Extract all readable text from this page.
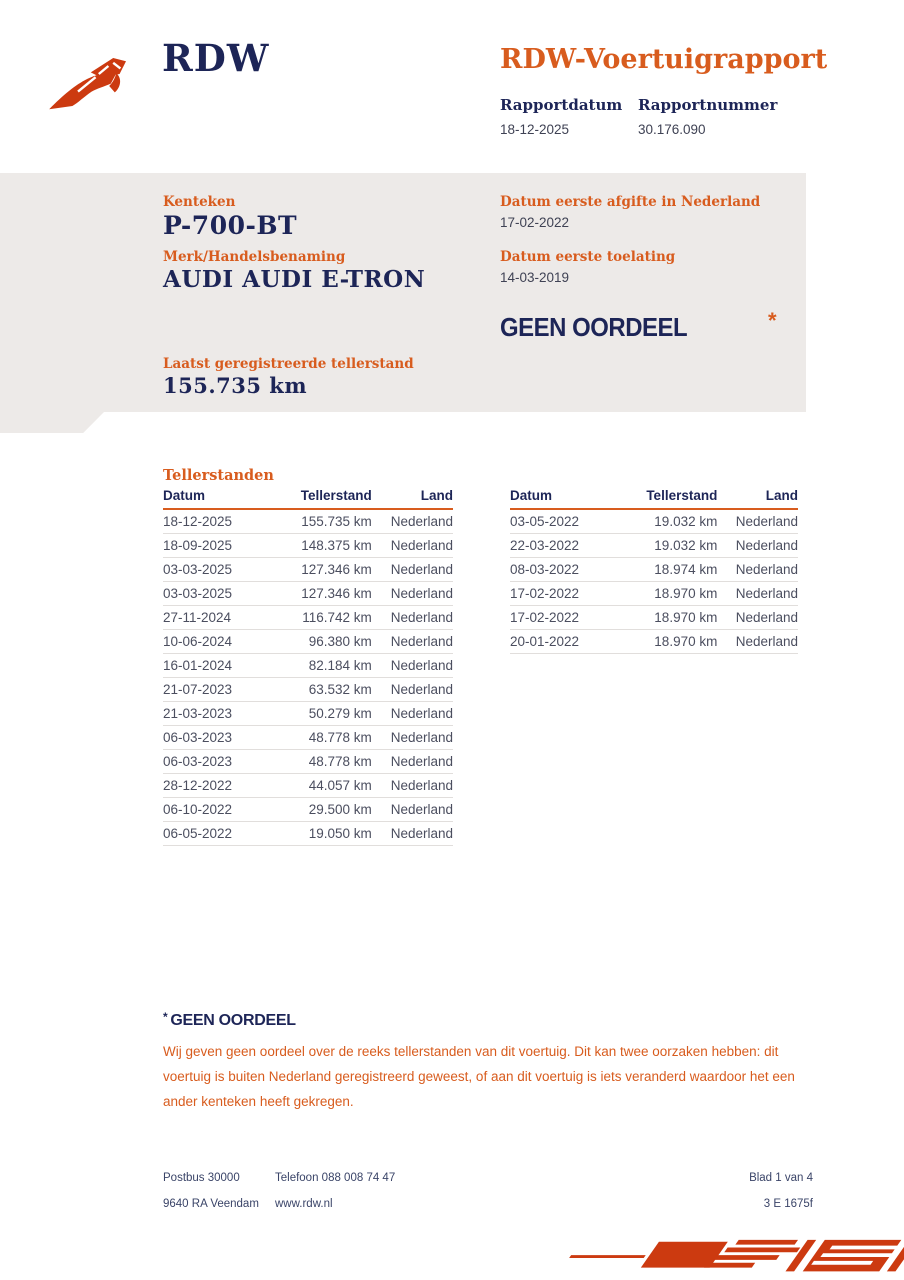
RDW	RDW-Voertuigrapport
Rapportdatum
18-12-2025
Rapportnummer
30.176.090
Kenteken
P-700-BT
Merk/Handelsbenaming
AUDI AUDI E-TRON
Datum eerste afgifte in Nederland
17-02-2022
Datum eerste toelating
14-03-2019
GEEN OORDEEL	*
Laatst geregistreerde tellerstand
155.735 km
Tellerstanden
Datum	Tellerstand	Land
18-12-2025	155.735 km	Nederland
18-09-2025	148.375 km	Nederland
03-03-2025	127.346 km	Nederland
03-03-2025	127.346 km	Nederland
27-11-2024	116.742 km	Nederland
10-06-2024	96.380 km	Nederland
16-01-2024	82.184 km	Nederland
21-07-2023	63.532 km	Nederland
21-03-2023	50.279 km	Nederland
06-03-2023	48.778 km	Nederland
06-03-2023	48.778 km	Nederland
28-12-2022	44.057 km	Nederland
06-10-2022	29.500 km	Nederland
06-05-2022	19.050 km	Nederland
Datum	Tellerstand	Land
03-05-2022	19.032 km	Nederland
22-03-2022	19.032 km	Nederland
08-03-2022	18.974 km	Nederland
17-02-2022	18.970 km	Nederland
17-02-2022	18.970 km	Nederland
20-01-2022	18.970 km	Nederland
* GEEN OORDEEL
Wij geven geen oordeel over de reeks tellerstanden van dit voertuig. Dit kan twee oorzaken hebben: dit voertuig is buiten Nederland geregistreerd geweest, of aan dit voertuig is iets veranderd waardoor het een ander kenteken heeft gekregen.
Postbus 30000	Telefoon 088 008 74 47
9640 RA Veendam	www.rdw.nl
Blad 1 van 4
3 E 1675f
